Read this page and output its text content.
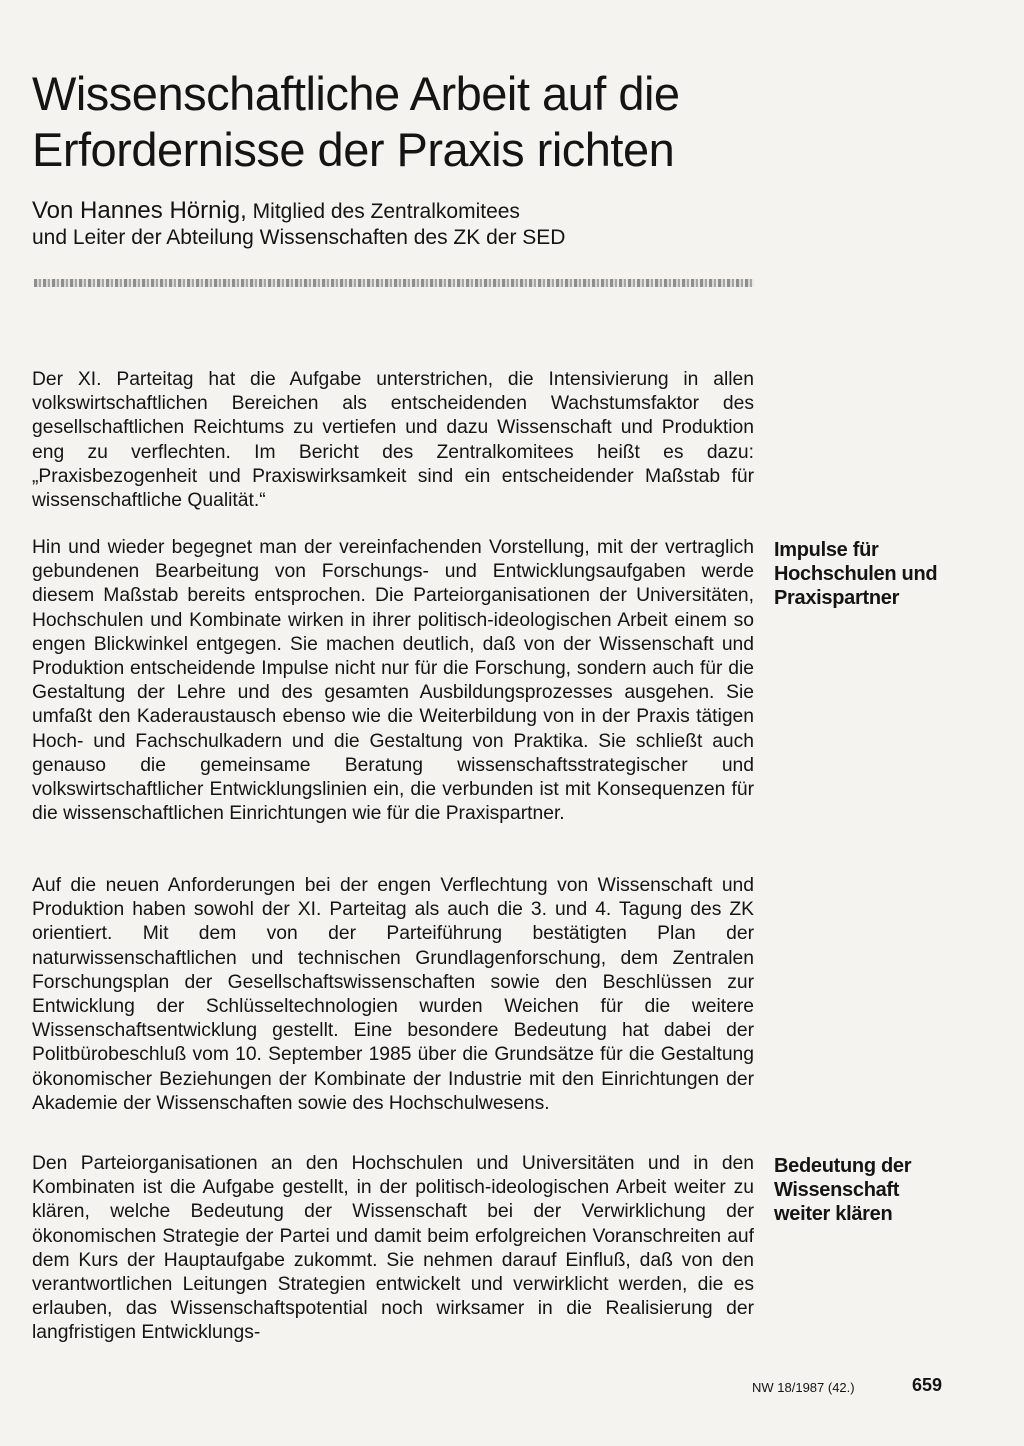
Wissenschaftliche Arbeit auf die
Erfordernisse der Praxis richten
Von Hannes Hörnig, Mitglied des Zentralkomitees
und Leiter der Abteilung Wissenschaften des ZK der SED

Der XI. Parteitag hat die Aufgabe unterstrichen, die Intensivierung in allen volkswirtschaftlichen Bereichen als entscheidenden Wachstumsfaktor des gesellschaftlichen Reichtums zu vertiefen und dazu Wissenschaft und Produktion eng zu verflechten. Im Bericht des Zentralkomitees heißt es dazu: „Praxisbezogenheit und Praxiswirksamkeit sind ein entscheidender Maßstab für wissenschaftliche Qualität.“

Hin und wieder begegnet man der vereinfachenden Vorstellung, mit der vertraglich gebundenen Bearbeitung von Forschungs- und Entwicklungsaufgaben werde diesem Maßstab bereits entsprochen. Die Parteiorganisationen der Universitäten, Hochschulen und Kombinate wirken in ihrer politisch-ideologischen Arbeit einem so engen Blickwinkel entgegen. Sie machen deutlich, daß von der Wissenschaft und Produktion entscheidende Impulse nicht nur für die Forschung, sondern auch für die Gestaltung der Lehre und des gesamten Ausbildungsprozesses ausgehen. Sie umfaßt den Kaderaustausch ebenso wie die Weiterbildung von in der Praxis tätigen Hoch- und Fachschulkadern und die Gestaltung von Praktika. Sie schließt auch genauso die gemeinsame Beratung wissenschaftsstrategischer und volkswirtschaftlicher Entwicklungslinien ein, die verbunden ist mit Konsequenzen für die wissenschaftlichen Einrichtungen wie für die Praxispartner.

Auf die neuen Anforderungen bei der engen Verflechtung von Wissenschaft und Produktion haben sowohl der XI. Parteitag als auch die 3. und 4. Tagung des ZK orientiert. Mit dem von der Parteiführung bestätigten Plan der naturwissenschaftlichen und technischen Grundlagenforschung, dem Zentralen Forschungsplan der Gesellschaftswissenschaften sowie den Beschlüssen zur Entwicklung der Schlüsseltechnologien wurden Weichen für die weitere Wissenschaftsentwicklung gestellt. Eine besondere Bedeutung hat dabei der Politbürobeschluß vom 10. September 1985 über die Grundsätze für die Gestaltung ökonomischer Beziehungen der Kombinate der Industrie mit den Einrichtungen der Akademie der Wissenschaften sowie des Hochschulwesens.

Den Parteiorganisationen an den Hochschulen und Universitäten und in den Kombinaten ist die Aufgabe gestellt, in der politisch-ideologischen Arbeit weiter zu klären, welche Bedeutung der Wissenschaft bei der Verwirklichung der ökonomischen Strategie der Partei und damit beim erfolgreichen Voranschreiten auf dem Kurs der Hauptaufgabe zukommt. Sie nehmen darauf Einfluß, daß von den verantwortlichen Leitungen Strategien entwickelt und verwirklicht werden, die es erlauben, das Wissenschaftspotential noch wirksamer in die Realisierung der langfristigen Entwicklungs-

Impulse für
Hochschulen und
Praxispartner
Bedeutung der
Wissenschaft
weiter klären
NW 18/1987 (42.)	659
